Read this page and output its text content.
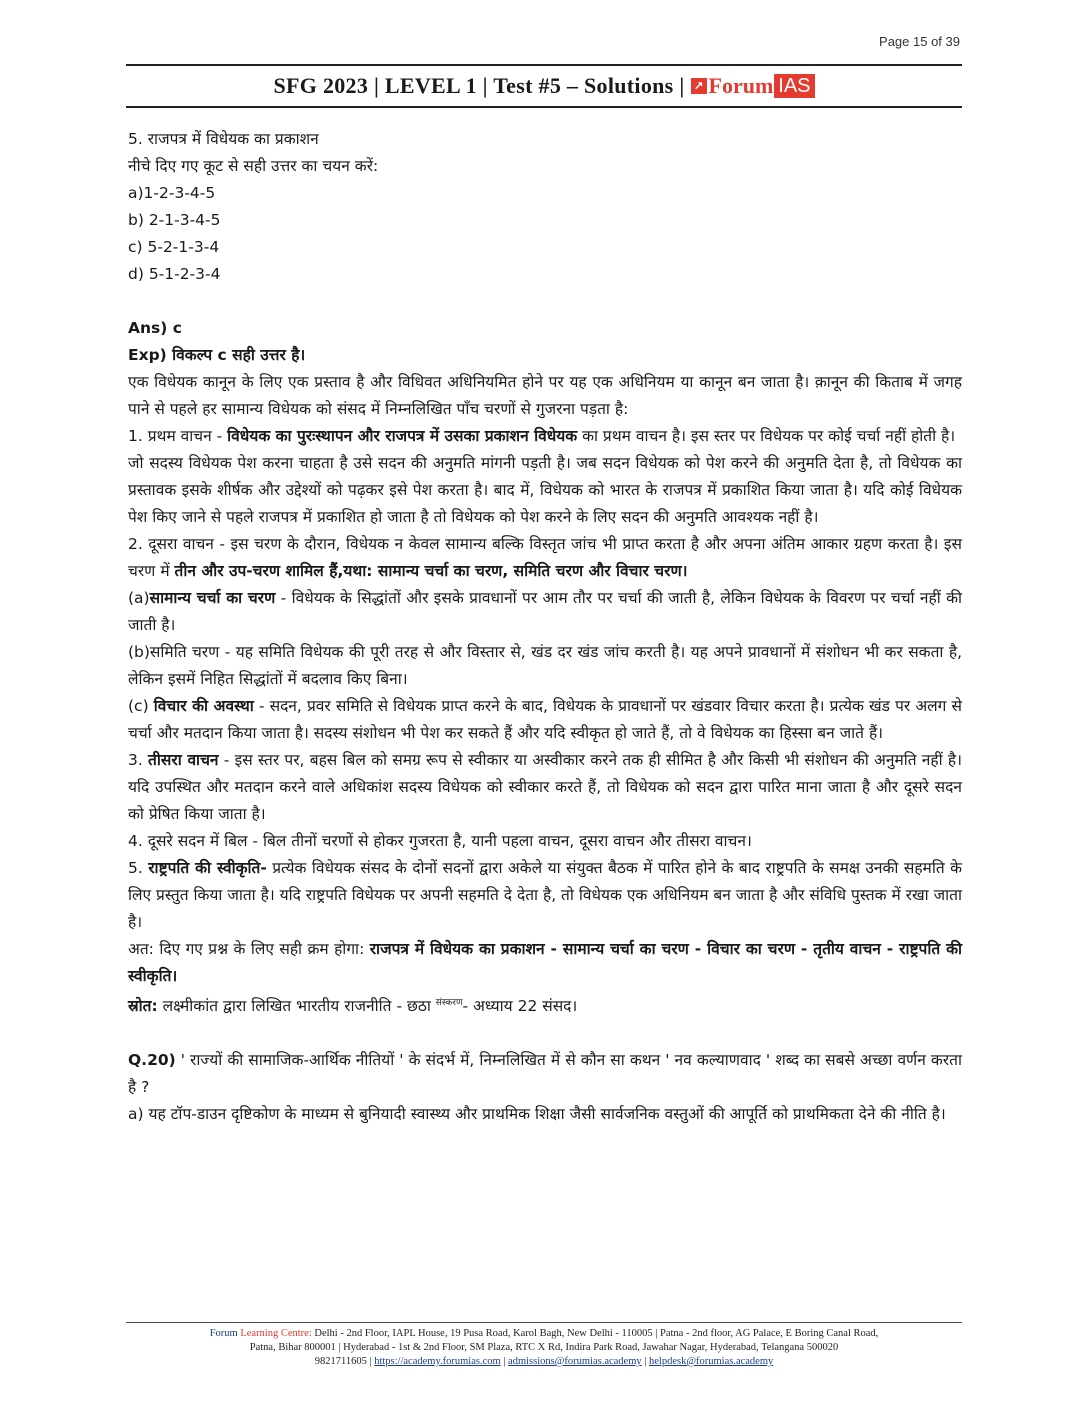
Page 15 of 39
SFG 2023 | LEVEL 1 | Test #5 – Solutions | ↗ Forum IAS

5. राजपत्र में विधेयक का प्रकाशन

नीचे दिए गए कूट से सही उत्तर का चयन करें:

a)1-2-3-4-5

b) 2-1-3-4-5

c) 5-2-1-3-4

d) 5-1-2-3-4

Ans) c

Exp) विकल्प c सही उत्तर है।

एक विधेयक कानून के लिए एक प्रस्ताव है और विधिवत अधिनियमित होने पर यह एक अधिनियम या कानून बन जाता है। क़ानून की किताब में जगह पाने से पहले हर सामान्य विधेयक को संसद में निम्नलिखित पाँच चरणों से गुजरना पड़ता है:

1. प्रथम वाचन - विधेयक का पुरःस्थापन और राजपत्र में उसका प्रकाशन विधेयक का प्रथम वाचन है। इस स्तर पर विधेयक पर कोई चर्चा नहीं होती है।

जो सदस्य विधेयक पेश करना चाहता है उसे सदन की अनुमति मांगनी पड़ती है। जब सदन विधेयक को पेश करने की अनुमति देता है, तो विधेयक का प्रस्तावक इसके शीर्षक और उद्देश्यों को पढ़कर इसे पेश करता है। बाद में, विधेयक को भारत के राजपत्र में प्रकाशित किया जाता है। यदि कोई विधेयक पेश किए जाने से पहले राजपत्र में प्रकाशित हो जाता है तो विधेयक को पेश करने के लिए सदन की अनुमति आवश्यक नहीं है।

2. दूसरा वाचन - इस चरण के दौरान, विधेयक न केवल सामान्य बल्कि विस्तृत जांच भी प्राप्त करता है और अपना अंतिम आकार ग्रहण करता है। इस चरण में तीन और उप-चरण शामिल हैं,यथा: सामान्य चर्चा का चरण, समिति चरण और विचार चरण।

(a)सामान्य चर्चा का चरण - विधेयक के सिद्धांतों और इसके प्रावधानों पर आम तौर पर चर्चा की जाती है, लेकिन विधेयक के विवरण पर चर्चा नहीं की जाती है।

(b)समिति चरण - यह समिति विधेयक की पूरी तरह से और विस्तार से, खंड दर खंड जांच करती है। यह अपने प्रावधानों में संशोधन भी कर सकता है, लेकिन इसमें निहित सिद्धांतों में बदलाव किए बिना।

(c) विचार की अवस्था - सदन, प्रवर समिति से विधेयक प्राप्त करने के बाद, विधेयक के प्रावधानों पर खंडवार विचार करता है। प्रत्येक खंड पर अलग से चर्चा और मतदान किया जाता है। सदस्य संशोधन भी पेश कर सकते हैं और यदि स्वीकृत हो जाते हैं, तो वे विधेयक का हिस्सा बन जाते हैं।

3. तीसरा वाचन - इस स्तर पर, बहस बिल को समग्र रूप से स्वीकार या अस्वीकार करने तक ही सीमित है और किसी भी संशोधन की अनुमति नहीं है। यदि उपस्थित और मतदान करने वाले अधिकांश सदस्य विधेयक को स्वीकार करते हैं, तो विधेयक को सदन द्वारा पारित माना जाता है और दूसरे सदन को प्रेषित किया जाता है।

4. दूसरे सदन में बिल - बिल तीनों चरणों से होकर गुजरता है, यानी पहला वाचन, दूसरा वाचन और तीसरा वाचन।

5. राष्ट्रपति की स्वीकृति- प्रत्येक विधेयक संसद के दोनों सदनों द्वारा अकेले या संयुक्त बैठक में पारित होने के बाद राष्ट्रपति के समक्ष उनकी सहमति के लिए प्रस्तुत किया जाता है। यदि राष्ट्रपति विधेयक पर अपनी सहमति दे देता है, तो विधेयक एक अधिनियम बन जाता है और संविधि पुस्तक में रखा जाता है।

अत: दिए गए प्रश्न के लिए सही क्रम होगा: राजपत्र में विधेयक का प्रकाशन - सामान्य चर्चा का चरण - विचार का चरण - तृतीय वाचन - राष्ट्रपति की स्वीकृति।

स्रोत: लक्ष्मीकांत द्वारा लिखित भारतीय राजनीति - छठा $^{संस्करण}$- अध्याय 22 संसद।

Q.20) ' राज्यों की सामाजिक-आर्थिक नीतियों ' के संदर्भ में, निम्नलिखित में से कौन सा कथन ' नव कल्याणवाद ' शब्द का सबसे अच्छा वर्णन करता है ?

a) यह टॉप-डाउन दृष्टिकोण के माध्यम से बुनियादी स्वास्थ्य और प्राथमिक शिक्षा जैसी सार्वजनिक वस्तुओं की आपूर्ति को प्राथमिकता देने की नीति है।

Forum Learning Centre: Delhi - 2nd Floor, IAPL House, 19 Pusa Road, Karol Bagh, New Delhi - 110005 | Patna - 2nd floor, AG Palace, E Boring Canal Road,
Patna, Bihar 800001 | Hyderabad - 1st & 2nd Floor, SM Plaza, RTC X Rd, Indira Park Road, Jawahar Nagar, Hyderabad, Telangana 500020
9821711605 | https://academy.forumias.com | admissions@forumias.academy | helpdesk@forumias.academy
